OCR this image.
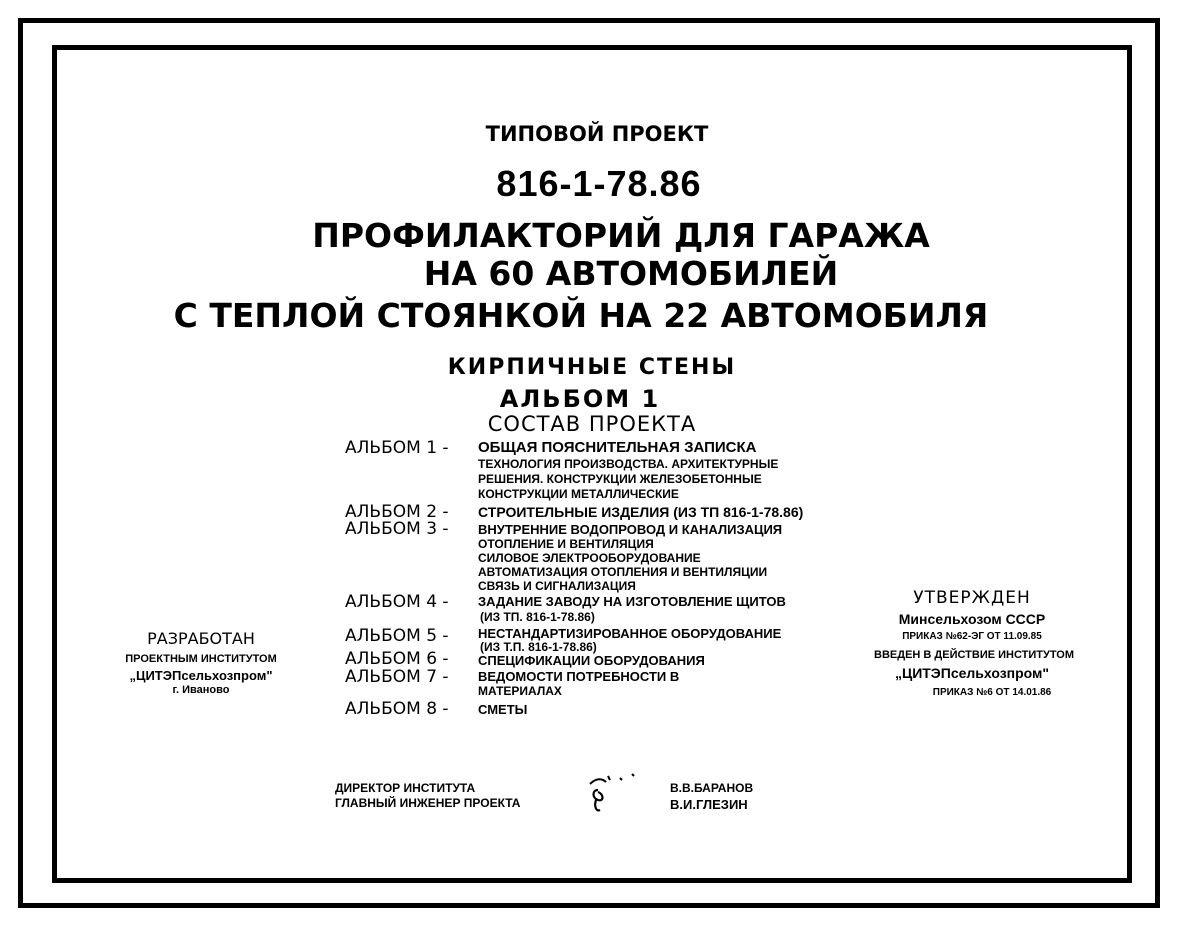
ТИПОВОЙ ПРОЕКТ
816-1-78.86
ПРОФИЛАКТОРИЙ ДЛЯ ГАРАЖА
НА 60 АВТОМОБИЛЕЙ
С ТЕПЛОЙ СТОЯНКОЙ НА 22 АВТОМОБИЛЯ
КИРПИЧНЫЕ СТЕНЫ
АЛЬБОМ 1
СОСТАВ ПРОЕКТА
АЛЬБОМ 1 - ОБЩАЯ ПОЯСНИТЕЛЬНАЯ ЗАПИСКА
ТЕХНОЛОГИЯ ПРОИЗВОДСТВА. АРХИТЕКТУРНЫЕ
РЕШЕНИЯ. КОНСТРУКЦИИ ЖЕЛЕЗОБЕТОННЫЕ
КОНСТРУКЦИИ МЕТАЛЛИЧЕСКИЕ
АЛЬБОМ 2 - СТРОИТЕЛЬНЫЕ ИЗДЕЛИЯ (ИЗ ТП 816-1-78.86)
АЛЬБОМ 3 - ВНУТРЕННИЕ ВОДОПРОВОД И КАНАЛИЗАЦИЯ
ОТОПЛЕНИЕ И ВЕНТИЛЯЦИЯ
СИЛОВОЕ ЭЛЕКТРООБОРУДОВАНИЕ
АВТОМАТИЗАЦИЯ ОТОПЛЕНИЯ И ВЕНТИЛЯЦИИ
СВЯЗЬ И СИГНАЛИЗАЦИЯ
АЛЬБОМ 4 - ЗАДАНИЕ ЗАВОДУ НА ИЗГОТОВЛЕНИЕ ЩИТОВ
(ИЗ ТП. 816-1-78.86)
АЛЬБОМ 5 - НЕСТАНДАРТИЗИРОВАННОЕ ОБОРУДОВАНИЕ
(ИЗ Т.П. 816-1-78.86)
АЛЬБОМ 6 - СПЕЦИФИКАЦИИ ОБОРУДОВАНИЯ
АЛЬБОМ 7 - ВЕДОМОСТИ ПОТРЕБНОСТИ В
МАТЕРИАЛАХ
АЛЬБОМ 8 - СМЕТЫ
РАЗРАБОТАН
ПРОЕКТНЫМ ИНСТИТУТОМ
„ЦИТЭПсельхозпром"
г. Иваново
УТВЕРЖДЕН
Минсельхозом СССР
ПРИКАЗ №62-ЭГ ОТ 11.09.85
ВВЕДЕН В ДЕЙСТВИЕ ИНСТИТУТОМ
„ЦИТЭПсельхозпром"
ПРИКАЗ №6 ОТ 14.01.86
ДИРЕКТОР ИНСТИТУТА
ГЛАВНЫЙ ИНЖЕНЕР ПРОЕКТА
В.В.БАРАНОВ
В.И.ГЛЕЗИН
